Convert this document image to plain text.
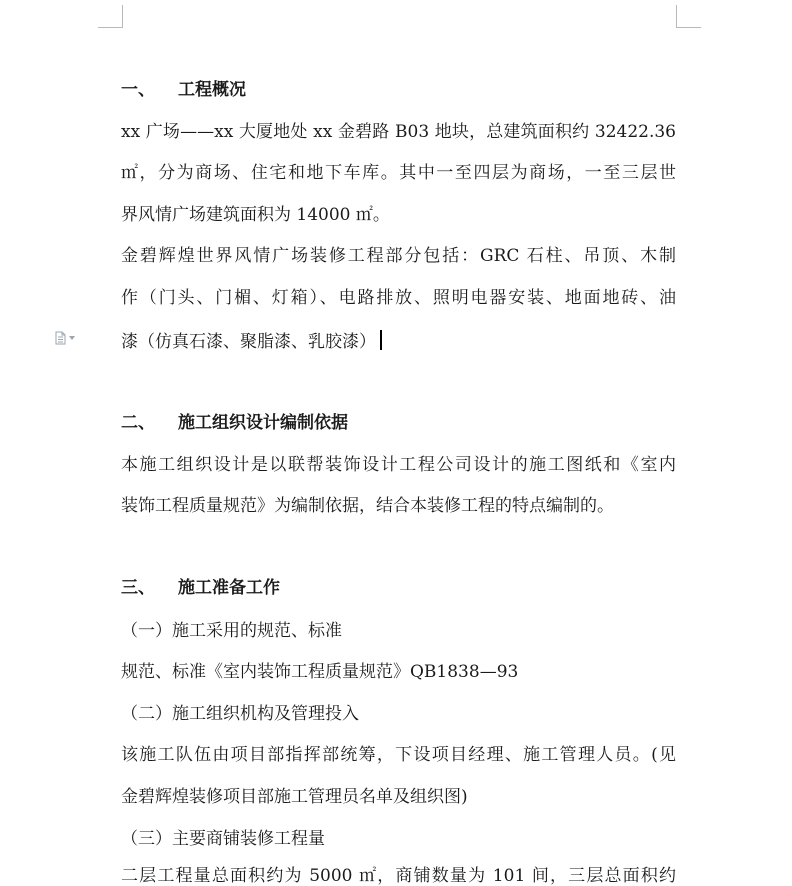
一、	工程概况
xx 广场——xx 大厦地处 xx 金碧路 B03 地块，总建筑面积约 32422.36
㎡，分为商场、住宅和地下车库。其中一至四层为商场，一至三层世
界风情广场建筑面积为 14000 ㎡。
金碧辉煌世界风情广场装修工程部分包括：GRC 石柱、吊顶、木制
作（门头、门楣、灯箱）、电路排放、照明电器安装、地面地砖、油
漆（仿真石漆、聚脂漆、乳胶漆）
二、	施工组织设计编制依据
本施工组织设计是以联帮装饰设计工程公司设计的施工图纸和《室内
装饰工程质量规范》为编制依据，结合本装修工程的特点编制的。
三、	施工准备工作
（一）施工采用的规范、标准
规范、标准《室内装饰工程质量规范》QB1838—93
（二）施工组织机构及管理投入
该施工队伍由项目部指挥部统筹，下设项目经理、施工管理人员。(见
金碧辉煌装修项目部施工管理员名单及组织图)
（三）主要商铺装修工程量
二层工程量总面积约为 5000 ㎡，商铺数量为 101 间，三层总面积约
